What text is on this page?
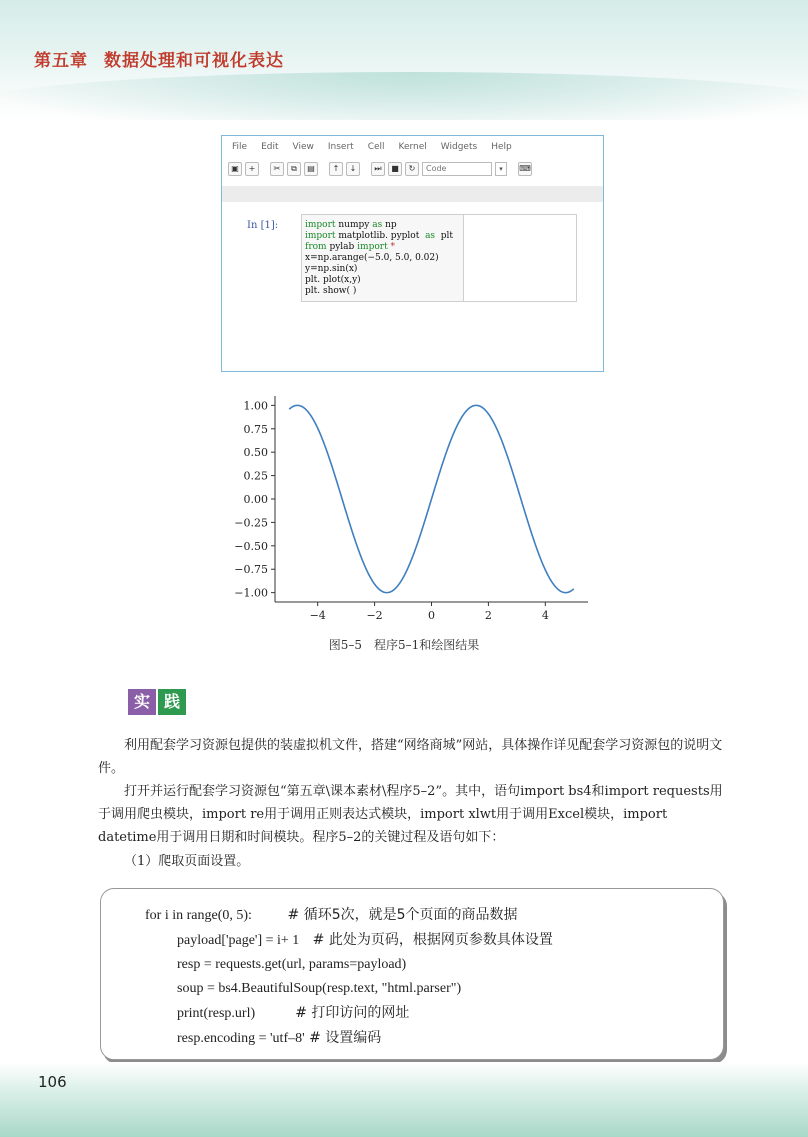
第五章 数据处理和可视化表达
File Edit View Insert Cell Kernel Widgets Help
▣	+	✂	⧉	▤	↑	↓	⏭	■	↻	Code	▾	⌨
In [1]:	import numpy as np
import matplotlib. pyplot  as  plt
from pylab import *
x=np.arange(−5.0, 5.0, 0.02)
y=np.sin(x)
plt. plot(x,y)
plt. show( )
1.00
0.75
0.50
0.25
0.00
−0.25
−0.50
−0.75
−1.00
−4	−2	0	2	4
图5–5　程序5–1和绘图结果
实 践
利用配套学习资源包提供的装虚拟机文件，搭建“网络商城”网站，具体操作详见配套学习资源包的说明文件。
打开并运行配套学习资源包“第五章\课本素材\程序5–2”。其中，语句import bs4和import requests用于调用爬虫模块，import re用于调用正则表达式模块，import xlwt用于调用Excel模块，import datetime用于调用日期和时间模块。程序5–2的关键过程及语句如下：
（1）爬取页面设置。
for i in range(0, 5):        # 循环5次，就是5个页面的商品数据
payload['page'] = i+ 1   # 此处为页码，根据网页参数具体设置
resp = requests.get(url, params=payload)
soup = bs4.BeautifulSoup(resp.text, "html.parser")
print(resp.url)         # 打印访问的网址
resp.encoding = 'utf–8' # 设置编码
106
